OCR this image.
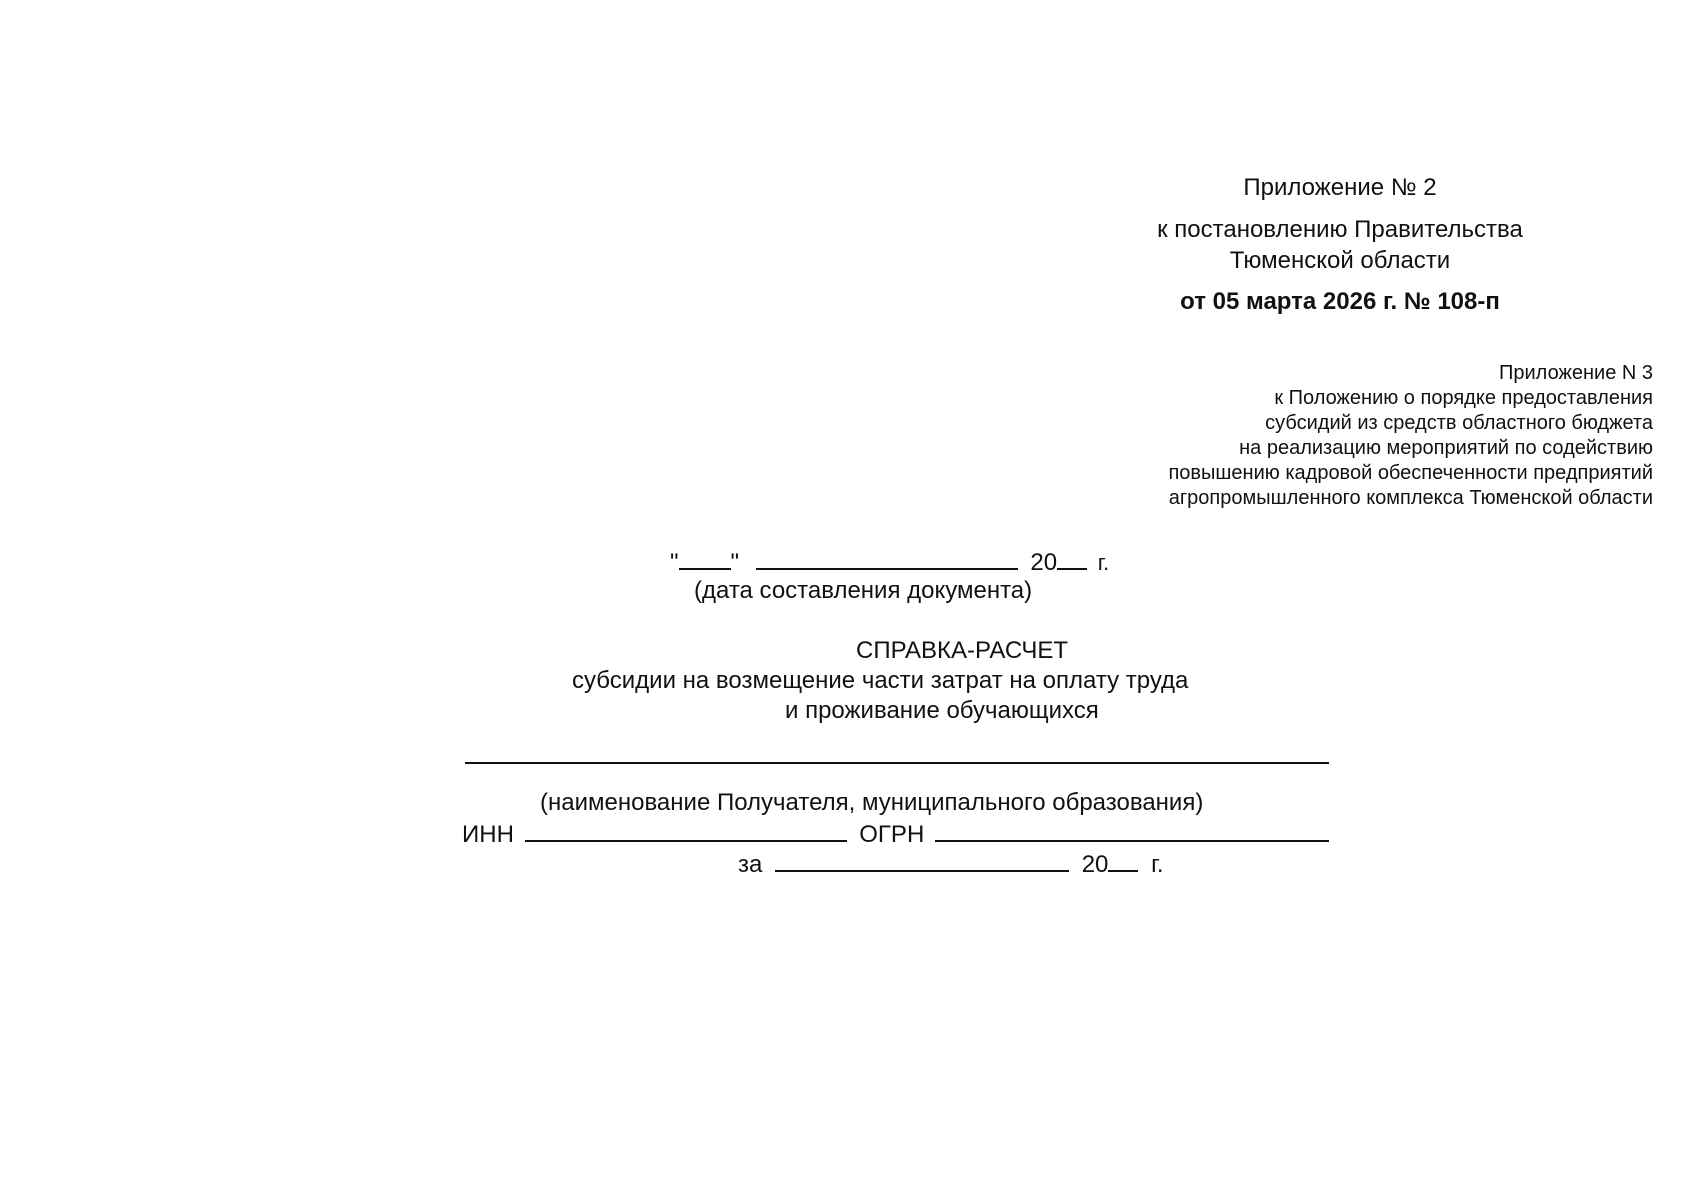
Приложение № 2
к постановлению Правительства
Тюменской области
от 05 марта 2026 г. № 108-п
Приложение N 3
к Положению о порядке предоставления
субсидий из средств областного бюджета
на реализацию мероприятий по содействию
повышению кадровой обеспеченности предприятий
агропромышленного комплекса Тюменской области
" "	20 г.
(дата составления документа)
СПРАВКА-РАСЧЕТ
субсидии на возмещение части затрат на оплату труда
и проживание обучающихся
(наименование Получателя, муниципального образования)
ИНН	ОГРН
за	20 г.
